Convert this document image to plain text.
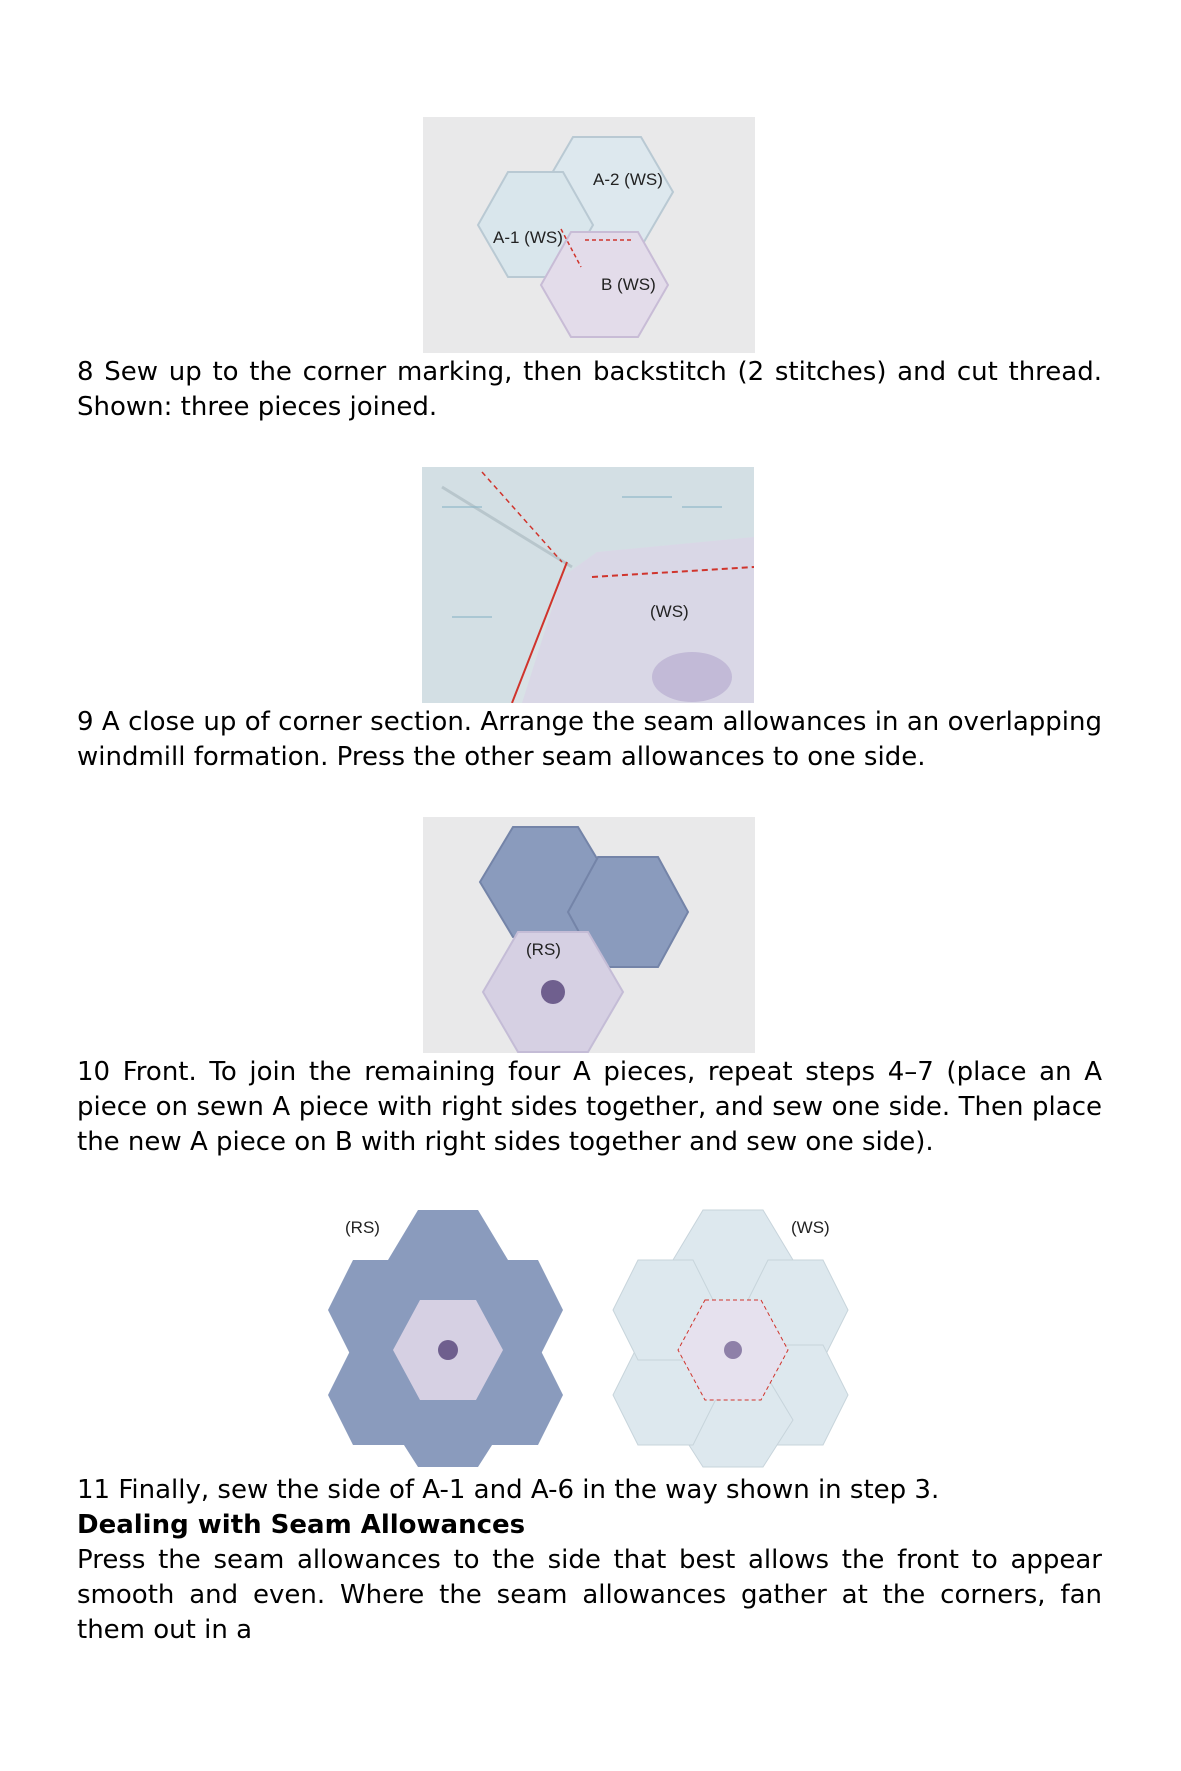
A-2 (WS)
A-1 (WS)
B (WS)

8 Sew up to the corner marking, then backstitch (2 stitches) and cut thread. Shown: three pieces joined.

(WS)

9 A close up of corner section. Arrange the seam allowances in an overlapping windmill formation. Press the other seam allowances to one side.

(RS)

10 Front. To join the remaining four A pieces, repeat steps 4–7 (place an A piece on sewn A piece with right sides together, and sew one side. Then place the new A piece on B with right sides together and sew one side).

(RS)	(WS)

11 Finally, sew the side of A-1 and A-6 in the way shown in step 3.

Dealing with Seam Allowances

Press the seam allowances to the side that best allows the front to appear smooth and even. Where the seam allowances gather at the corners, fan them out in a
